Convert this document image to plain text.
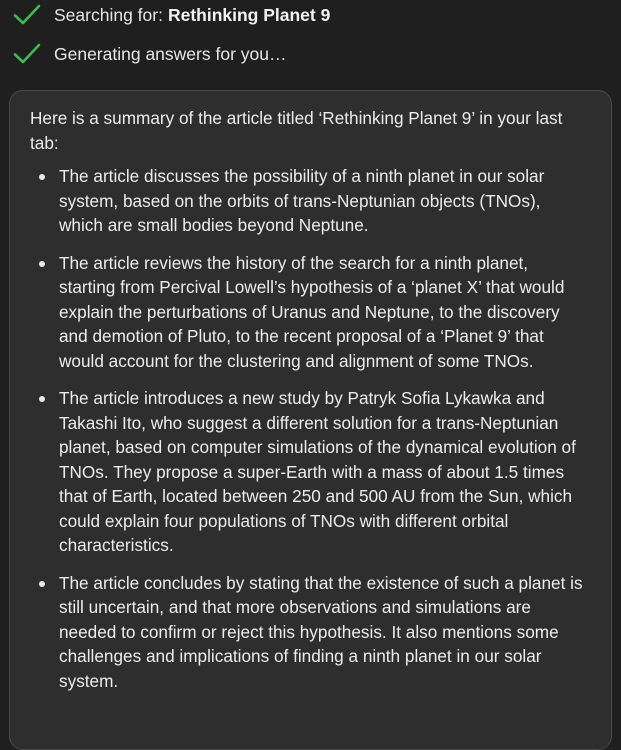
Searching for: Rethinking Planet 9
Generating answers for you…

Here is a summary of the article titled ‘Rethinking Planet 9’ in your last tab:

The article discusses the possibility of a ninth planet in our solar system, based on the orbits of trans-Neptunian objects (TNOs), which are small bodies beyond Neptune.
The article reviews the history of the search for a ninth planet, starting from Percival Lowell’s hypothesis of a ‘planet X’ that would explain the perturbations of Uranus and Neptune, to the discovery and demotion of Pluto, to the recent proposal of a ‘Planet 9’ that would account for the clustering and alignment of some TNOs.
The article introduces a new study by Patryk Sofia Lykawka and Takashi Ito, who suggest a different solution for a trans-Neptunian planet, based on computer simulations of the dynamical evolution of TNOs. They propose a super-Earth with a mass of about 1.5 times that of Earth, located between 250 and 500 AU from the Sun, which could explain four populations of TNOs with different orbital characteristics.
The article concludes by stating that the existence of such a planet is still uncertain, and that more observations and simulations are needed to confirm or reject this hypothesis. It also mentions some challenges and implications of finding a ninth planet in our solar system.
